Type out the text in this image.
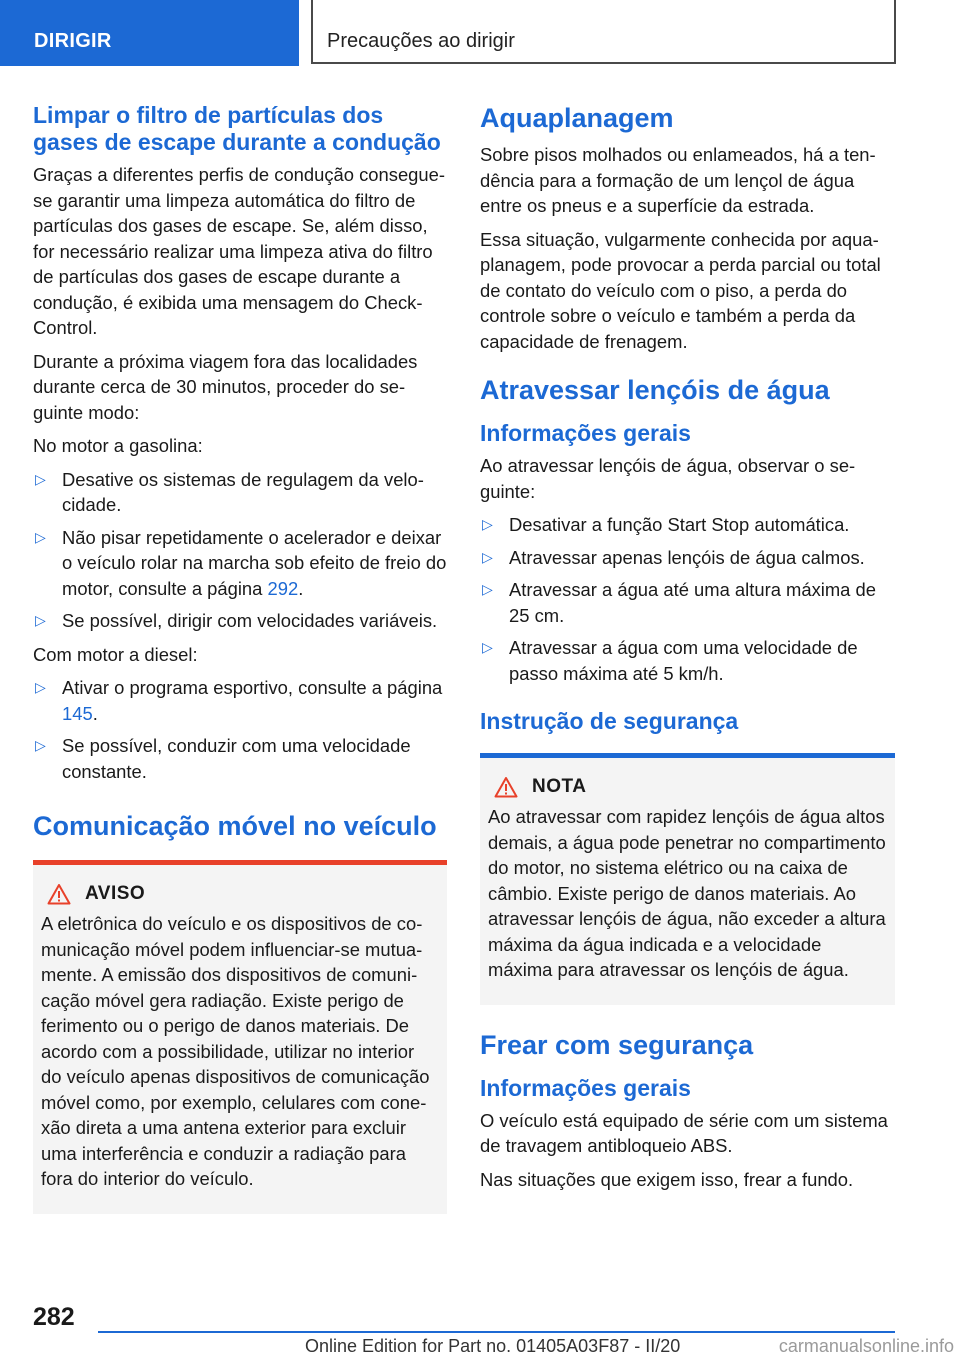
DIRIGIR	Precauções ao dirigir
Limpar o filtro de partículas dos gases de escape durante a condução

Graças a diferentes perfis de condução consegue-se garantir uma limpeza automática do filtro de partículas dos gases de escape. Se, além disso, for necessário realizar uma limpeza ativa do filtro de partículas dos gases de escape durante a condução, é exibida uma mensagem do Check-Control.

Durante a próxima viagem fora das localidades durante cerca de 30 minutos, proceder do seguinte modo:

No motor a gasolina:

▷ Desative os sistemas de regulagem da velocidade.
▷ Não pisar repetidamente o acelerador e deixar o veículo rolar na marcha sob efeito de freio do motor, consulte a página 292.
▷ Se possível, dirigir com velocidades variáveis.

Com motor a diesel:

▷ Ativar o programa esportivo, consulte a página 145.
▷ Se possível, conduzir com uma velocidade constante.
Comunicação móvel no veículo
AVISO

A eletrônica do veículo e os dispositivos de comunicação móvel podem influenciar-se mutuamente. A emissão dos dispositivos de comunicação móvel gera radiação. Existe perigo de ferimento ou o perigo de danos materiais. De acordo com a possibilidade, utilizar no interior do veículo apenas dispositivos de comunicação móvel como, por exemplo, celulares com conexão direta a uma antena exterior para excluir uma interferência e conduzir a radiação para fora do interior do veículo.

Aquaplanagem

Sobre pisos molhados ou enlameados, há a tendência para a formação de um lençol de água entre os pneus e a superfície da estrada.

Essa situação, vulgarmente conhecida por aquaplanagem, pode provocar a perda parcial ou total de contato do veículo com o piso, a perda do controle sobre o veículo e também a perda da capacidade de frenagem.

Atravessar lençóis de água
Informações gerais

Ao atravessar lençóis de água, observar o seguinte:

▷ Desativar a função Start Stop automática.
▷ Atravessar apenas lençóis de água calmos.
▷ Atravessar a água até uma altura máxima de 25 cm.
▷ Atravessar a água com uma velocidade de passo máxima até 5 km/h.
Instrução de segurança
NOTA

Ao atravessar com rapidez lençóis de água altos demais, a água pode penetrar no compartimento do motor, no sistema elétrico ou na caixa de câmbio. Existe perigo de danos materiais. Ao atravessar lençóis de água, não exceder a altura máxima da água indicada e a velocidade máxima para atravessar os lençóis de água.

Frear com segurança
Informações gerais

O veículo está equipado de série com um sistema de travagem antibloqueio ABS.

Nas situações que exigem isso, frear a fundo.

282
Online Edition for Part no. 01405A03F87 - II/20	carmanualsonline.info
